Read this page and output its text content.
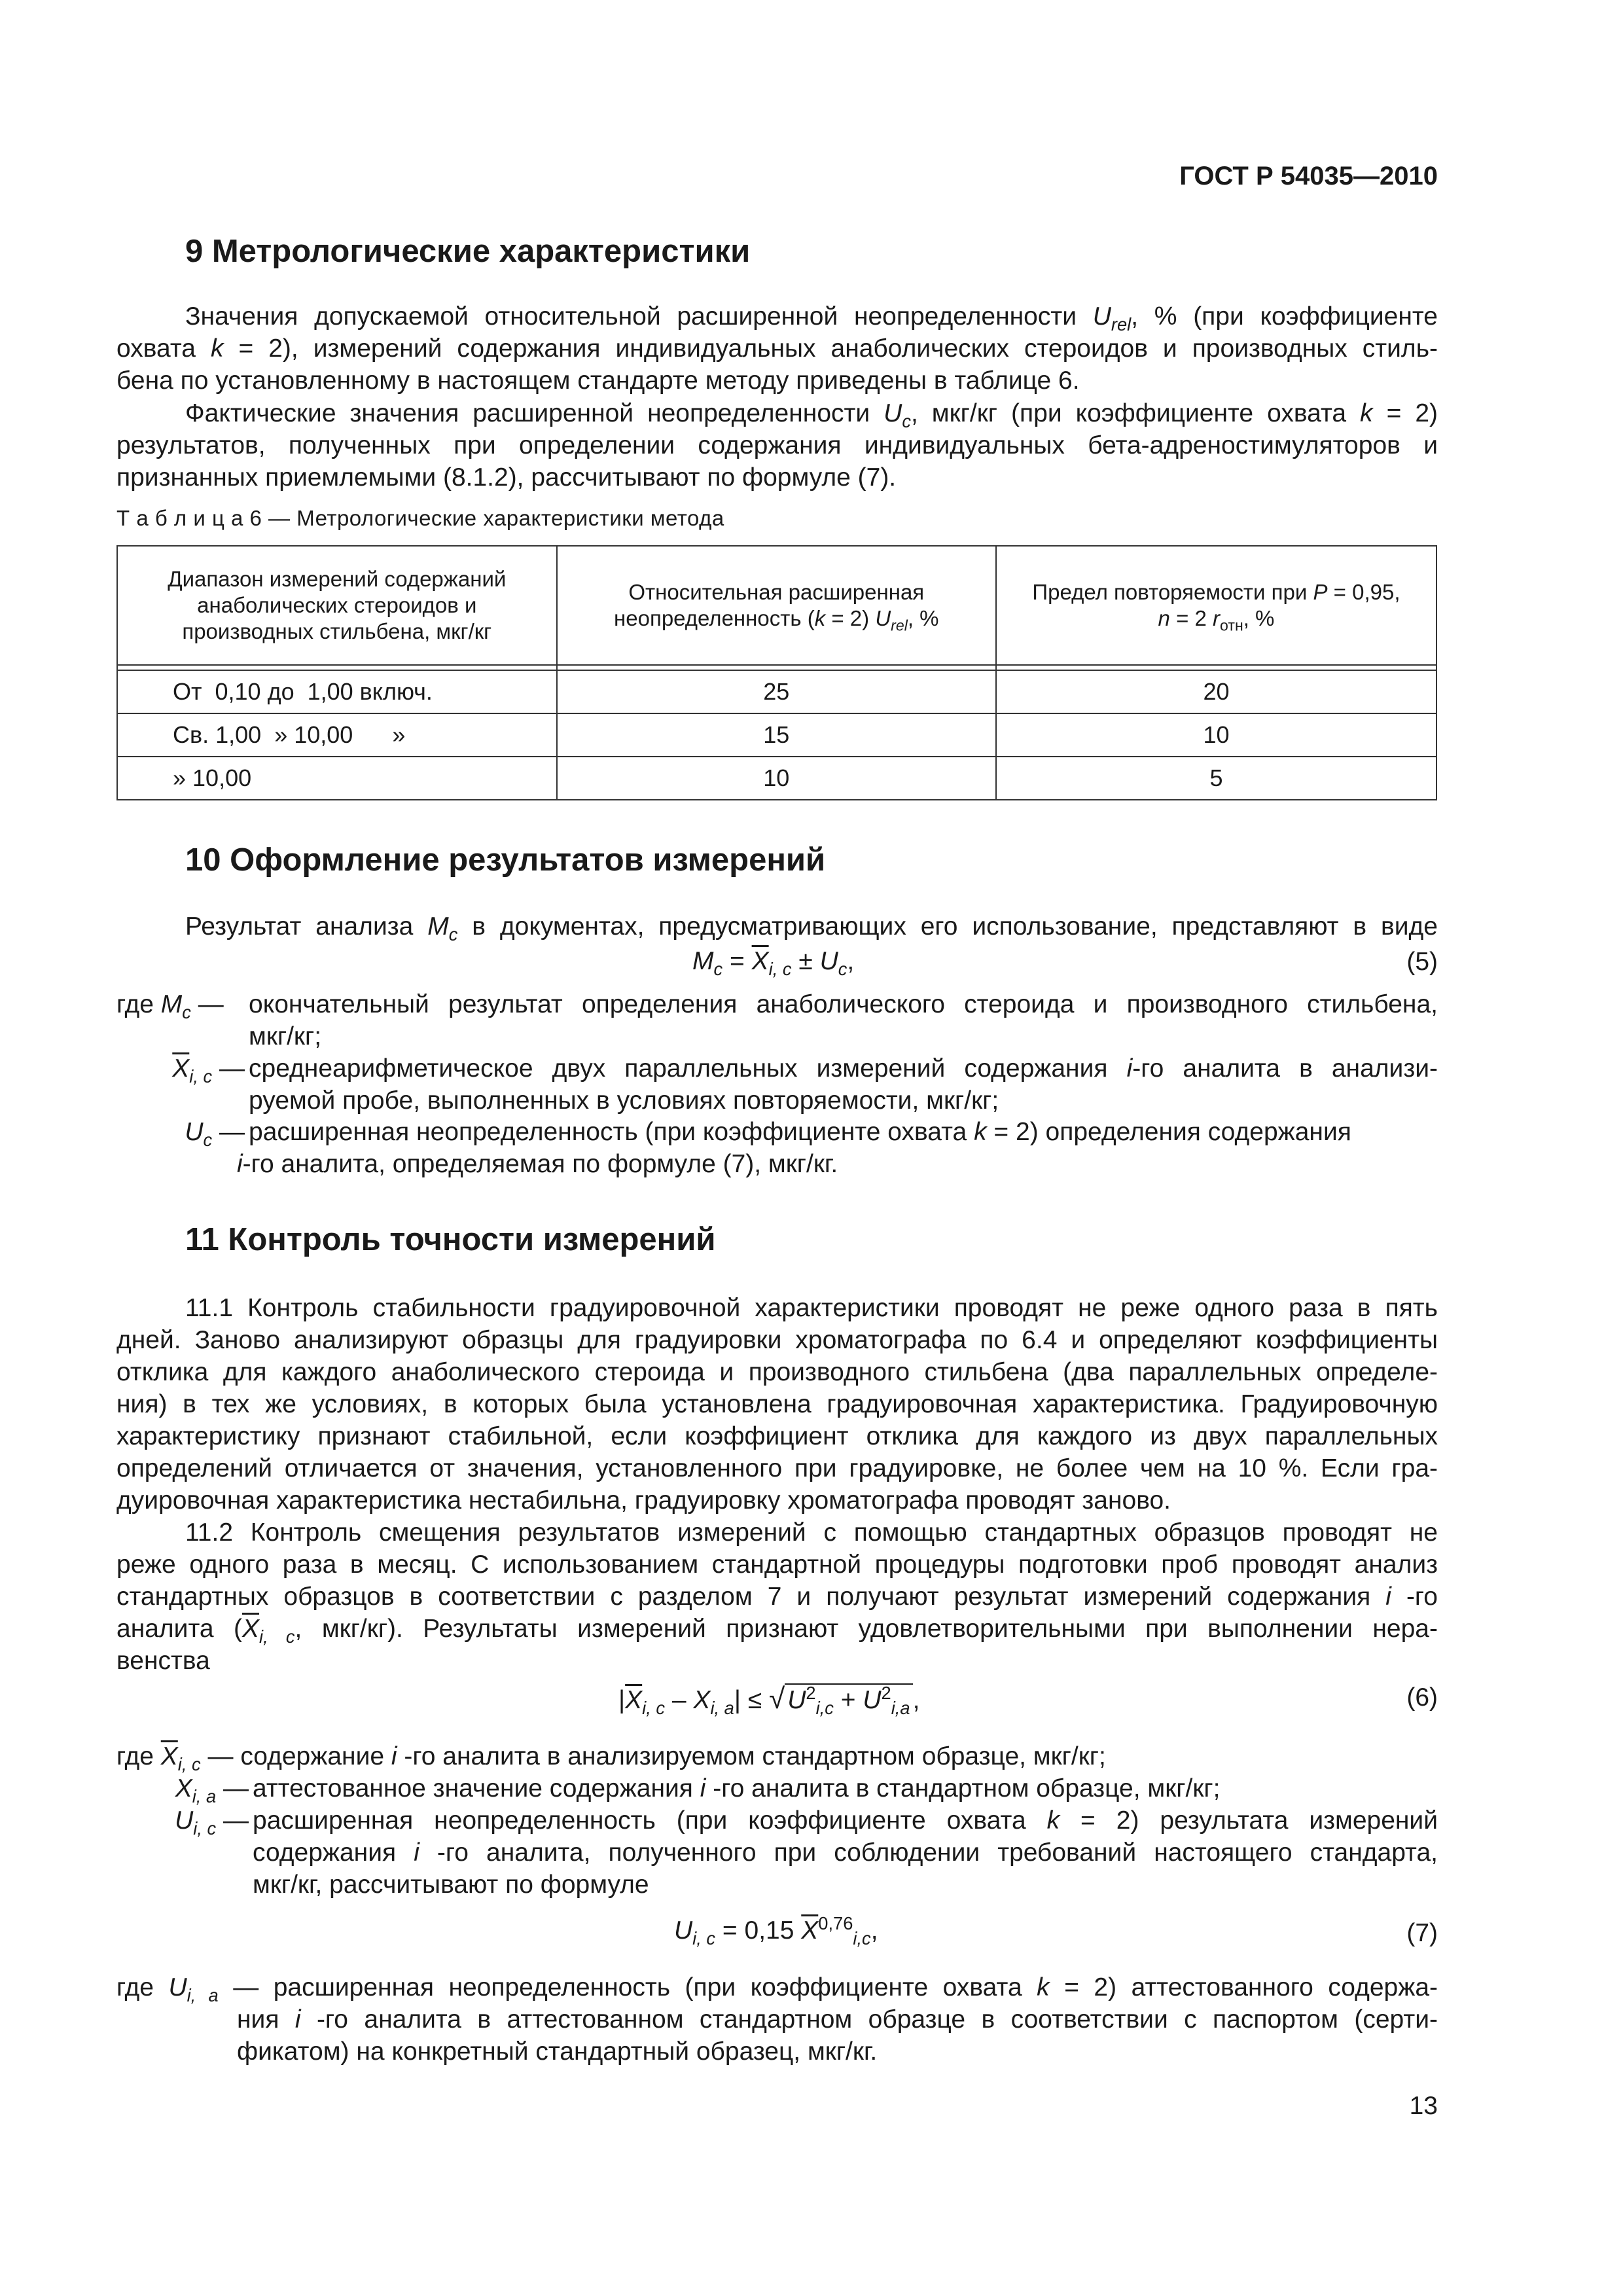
ГОСТ Р 54035—2010
9 Метрологические характеристики
Значения допускаемой относительной расширенной неопределенности $U_{rel}$, % (при коэффициенте
охвата k = 2), измерений содержания индивидуальных анаболических стероидов и производных стиль-
бена по установленному в настоящем стандарте методу приведены в таблице 6.
Фактические значения расширенной неопределенности $U_c$, мкг/кг (при коэффициенте охвата k = 2)
результатов, полученных при определении содержания индивидуальных бета-адреностимуляторов и
признанных приемлемыми (8.1.2), рассчитывают по формуле (7).
Т а б л и ц а 6 — Метрологические характеристики метода
Диапазон измерений содержаний анаболических стероидов и производных стильбена, мкг/кг	Относительная расширенная неопределенность (k = 2) $U_{rel}$, %	Предел повторяемости при P = 0,95,
n = 2 $r_{отн}$, %

От  0,10 до  1,00 включ.	25	20
Св. 1,00  » 10,00      »	15	10
» 10,00	10	5
10 Оформление результатов измерений
Результат анализа $M_c$ в документах, предусматривающих его использование, представляют в виде
$M_c = \overline{X}_{i, c} \pm U_c$,	(5)
где $M_c$ — окончательный результат определения анаболического стероида и производного стильбена,
мкг/кг;
$\overline{X}_{i, c}$ — среднеарифметическое двух параллельных измерений содержания i-го аналита в анализи-
руемой пробе, выполненных в условиях повторяемости, мкг/кг;
$U_c$ — расширенная неопределенность (при коэффициенте охвата k = 2) определения содержания
i-го аналита, определяемая по формуле (7), мкг/кг.
11 Контроль точности измерений
11.1 Контроль стабильности градуировочной характеристики проводят не реже одного раза в пять
дней. Заново анализируют образцы для градуировки хроматографа по 6.4 и определяют коэффициенты
отклика для каждого анаболического стероида и производного стильбена (два параллельных определе-
ния) в тех же условиях, в которых была установлена градуировочная характеристика. Градуировочную
характеристику признают стабильной, если коэффициент отклика для каждого из двух параллельных
определений отличается от значения, установленного при градуировке, не более чем на 10 %. Если гра-
дуировочная характеристика нестабильна, градуировку хроматографа проводят заново.
11.2 Контроль смещения результатов измерений с помощью стандартных образцов проводят не
реже одного раза в месяц. С использованием стандартной процедуры подготовки проб проводят анализ
стандартных образцов в соответствии с разделом 7 и получают результат измерений содержания i -го
аналита ($\overline{X}_{i, c}$, мкг/кг). Результаты измерений признают удовлетворительными при выполнении нера-
венства
$|\overline{X}_{i, c} - X_{i, a}|$ ≤ √ $U^2_{i,c} + U^2_{i,a}$ ,	(6)
где $\overline{X}_{i, c}$ — содержание i -го аналита в анализируемом стандартном образце, мкг/кг;
$X_{i, a}$ — аттестованное значение содержания i -го аналита в стандартном образце, мкг/кг;
$U_{i, c}$ — расширенная неопределенность (при коэффициенте охвата k = 2) результата измерений
содержания i -го аналита, полученного при соблюдении требований настоящего стандарта,
мкг/кг, рассчитывают по формуле
$U_{i, c} = 0,15$ $\overline{X}^{0,76}_{i,c}$,	(7)
где $U_{i, a}$ — расширенная неопределенность (при коэффициенте охвата k = 2) аттестованного содержа-
ния i -го аналита в аттестованном стандартном образце в соответствии с паспортом (серти-
фикатом) на конкретный стандартный образец, мкг/кг.
13
